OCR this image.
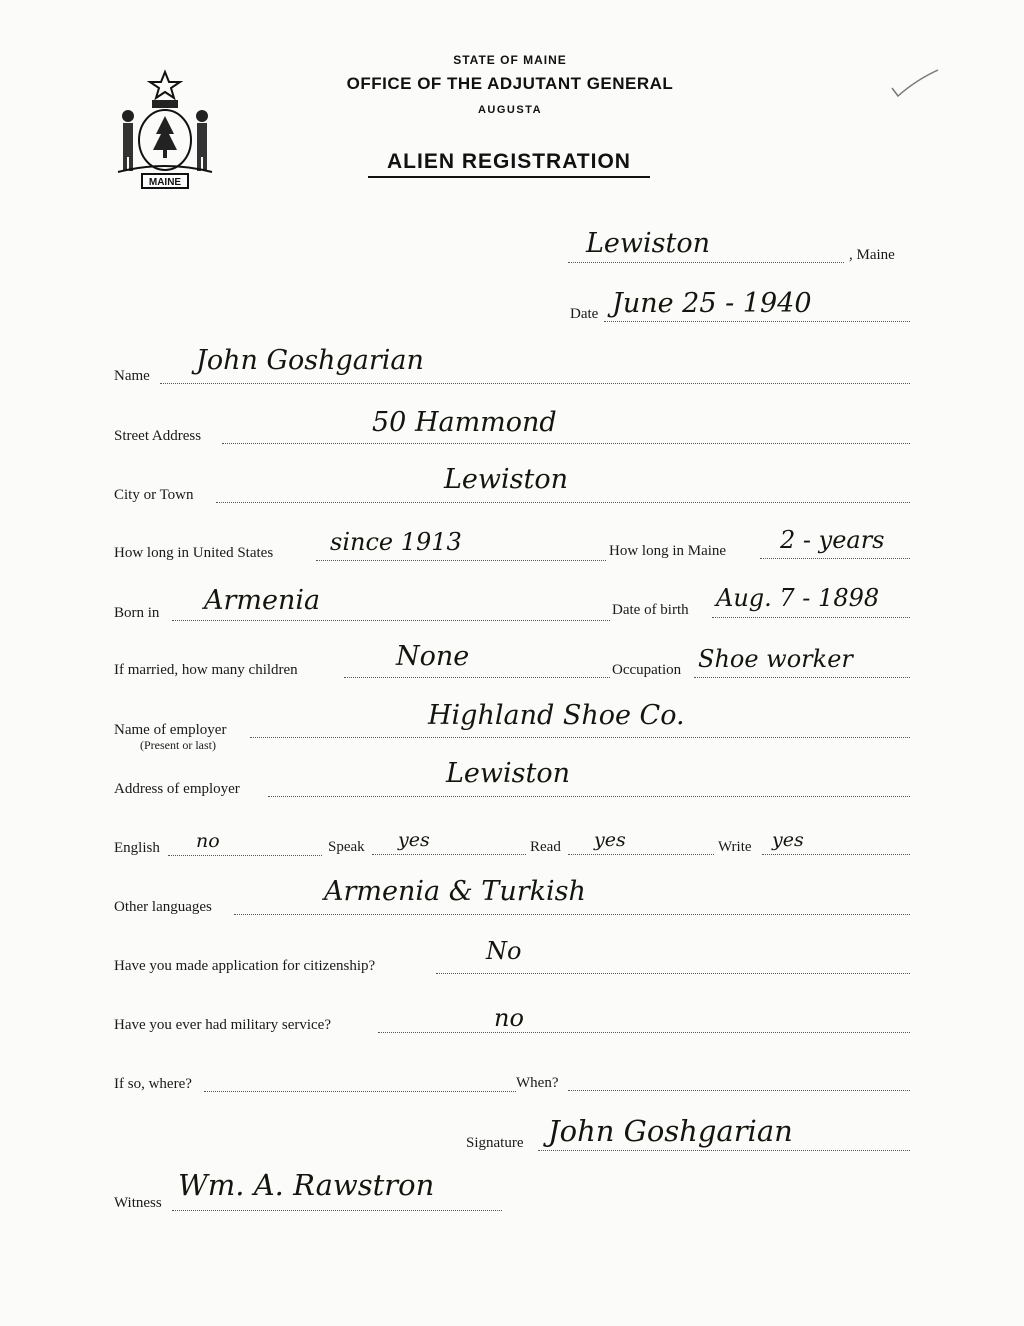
MAINE
STATE OF MAINE
OFFICE OF THE ADJUTANT GENERAL
AUGUSTA
ALIEN REGISTRATION
Lewiston	, Maine
Date June 25 - 1940
Name John Goshgarian
Street Address	50 Hammond
City or Town	Lewiston
How long in United States since 1913	How long in Maine 2 - years
Born in Armenia	Date of birth Aug. 7 - 1898
If married, how many children	None	Occupation Shoe worker
Name of employer
(Present or last)
Highland Shoe Co.
Address of employer	Lewiston
English no	Speak yes	Read yes	Write yes
Other languages	Armenia & Turkish
Have you made application for citizenship?
No
Have you ever had military service?	no
If so, where?	When?
Signature John Goshgarian
Witness
Wm. A. Rawstron
